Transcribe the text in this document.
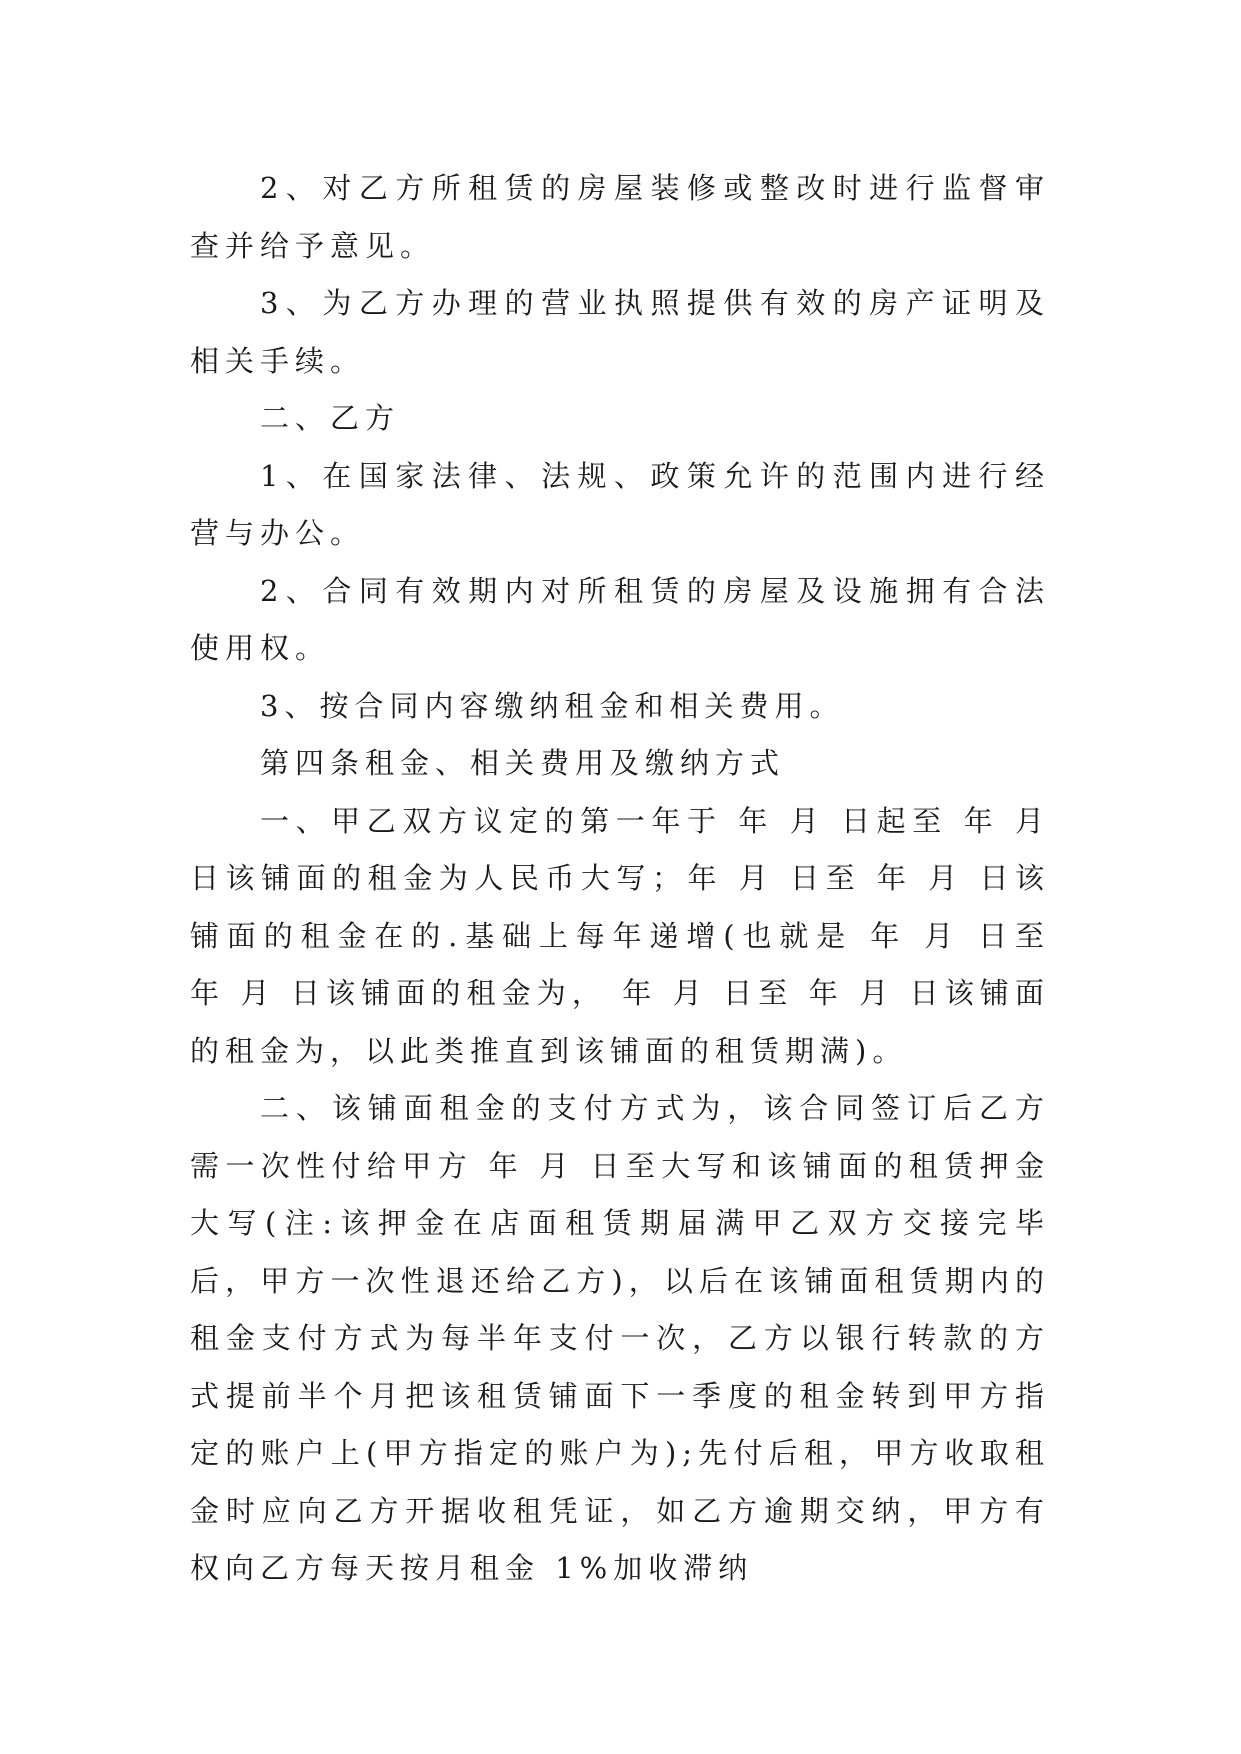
2、对乙方所租赁的房屋装修或整改时进行监督审查并给予意见。

3、为乙方办理的营业执照提供有效的房产证明及相关手续。

二、乙方

1、在国家法律、法规、政策允许的范围内进行经营与办公。

2、合同有效期内对所租赁的房屋及设施拥有合法使用权。

3、按合同内容缴纳租金和相关费用。

第四条租金、相关费用及缴纳方式

一、甲乙双方议定的第一年于 年 月 日起至 年 月 日该铺面的租金为人民币大写；年 月 日至 年 月 日该铺面的租金在的.基础上每年递增(也就是 年 月 日至 年 月 日该铺面的租金为， 年 月 日至 年 月 日该铺面的租金为，以此类推直到该铺面的租赁期满)。

二、该铺面租金的支付方式为，该合同签订后乙方需一次性付给甲方 年 月 日至大写和该铺面的租赁押金大写(注:该押金在店面租赁期届满甲乙双方交接完毕后，甲方一次性退还给乙方)，以后在该铺面租赁期内的租金支付方式为每半年支付一次，乙方以银行转款的方式提前半个月把该租赁铺面下一季度的租金转到甲方指定的账户上(甲方指定的账户为);先付后租，甲方收取租金时应向乙方开据收租凭证，如乙方逾期交纳，甲方有权向乙方每天按月租金 1%加收滞纳
